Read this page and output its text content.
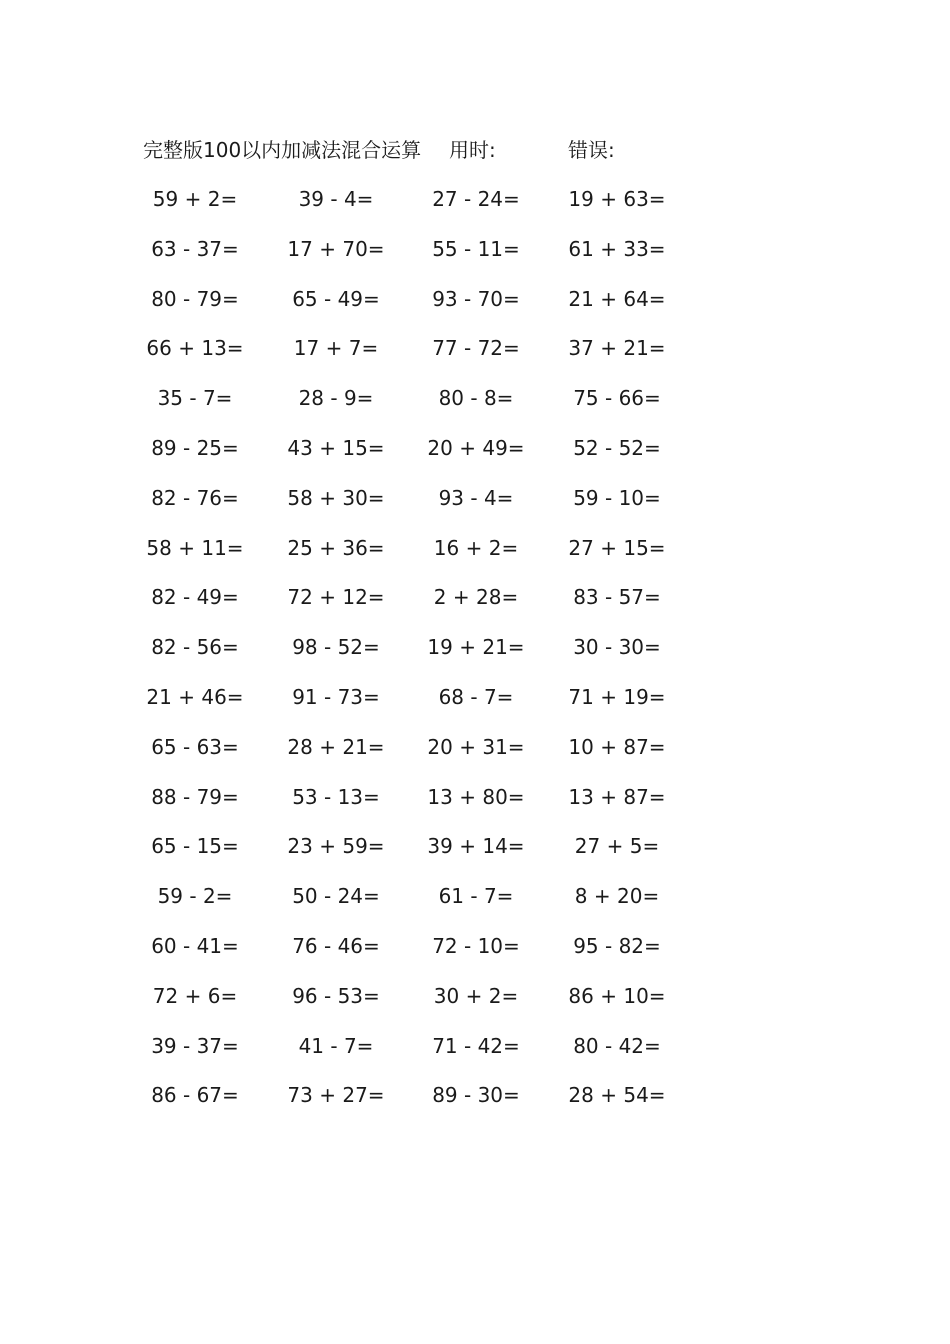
完整版100以内加减法混合运算 用时:	错误:
59 + 2=	39 - 4=	27 - 24=	19 + 63=
63 - 37=	17 + 70=	55 - 11=	61 + 33=
80 - 79=	65 - 49=	93 - 70=	21 + 64=
66 + 13=	17 + 7=	77 - 72=	37 + 21=
35 - 7=	28 - 9=	80 - 8=	75 - 66=
89 - 25=	43 + 15=	20 + 49=	52 - 52=
82 - 76=	58 + 30=	93 - 4=	59 - 10=
58 + 11=	25 + 36=	16 + 2=	27 + 15=
82 - 49=	72 + 12=	2 + 28=	83 - 57=
82 - 56=	98 - 52=	19 + 21=	30 - 30=
21 + 46=	91 - 73=	68 - 7=	71 + 19=
65 - 63=	28 + 21=	20 + 31=	10 + 87=
88 - 79=	53 - 13=	13 + 80=	13 + 87=
65 - 15=	23 + 59=	39 + 14=	27 + 5=
59 - 2=	50 - 24=	61 - 7=	8 + 20=
60 - 41=	76 - 46=	72 - 10=	95 - 82=
72 + 6=	96 - 53=	30 + 2=	86 + 10=
39 - 37=	41 - 7=	71 - 42=	80 - 42=
86 - 67=	73 + 27=	89 - 30=	28 + 54=
